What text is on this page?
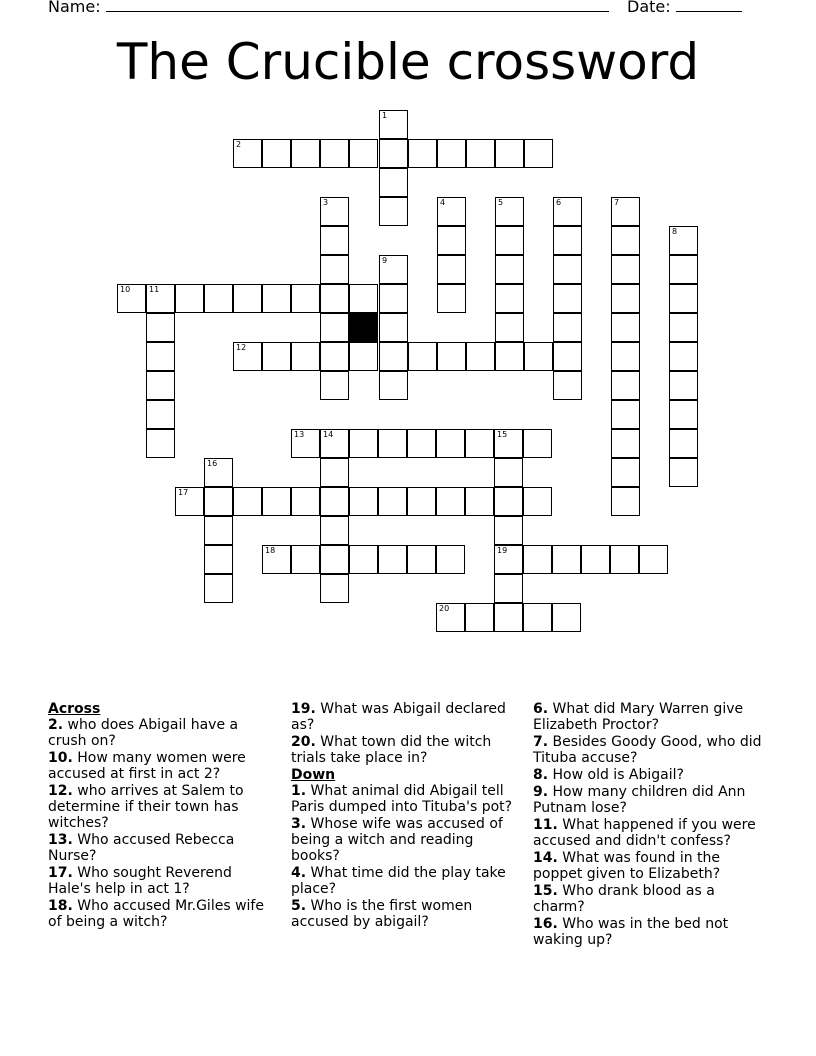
Name:	Date:
The Crucible crossword
1
2
3	4	5	6	7
8
9
10 11
12
13 14	15
16
17
18	19
20
Across
2. who does Abigail have a crush on?
10. How many women were accused at first in act 2?
12. who arrives at Salem to determine if their town has witches?
13. Who accused Rebecca Nurse?
17. Who sought Reverend Hale's help in act 1?
18. Who accused Mr.Giles wife of being a witch?
19. What was Abigail declared as?
20. What town did the witch trials take place in?
Down
1. What animal did Abigail tell Paris dumped into Tituba's pot?
3. Whose wife was accused of being a witch and reading books?
4. What time did the play take place?
5. Who is the first women accused by abigail?
6. What did Mary Warren give Elizabeth Proctor?
7. Besides Goody Good, who did Tituba accuse?
8. How old is Abigail?
9. How many children did Ann Putnam lose?
11. What happened if you were accused and didn't confess?
14. What was found in the poppet given to Elizabeth?
15. Who drank blood as a charm?
16. Who was in the bed not waking up?
